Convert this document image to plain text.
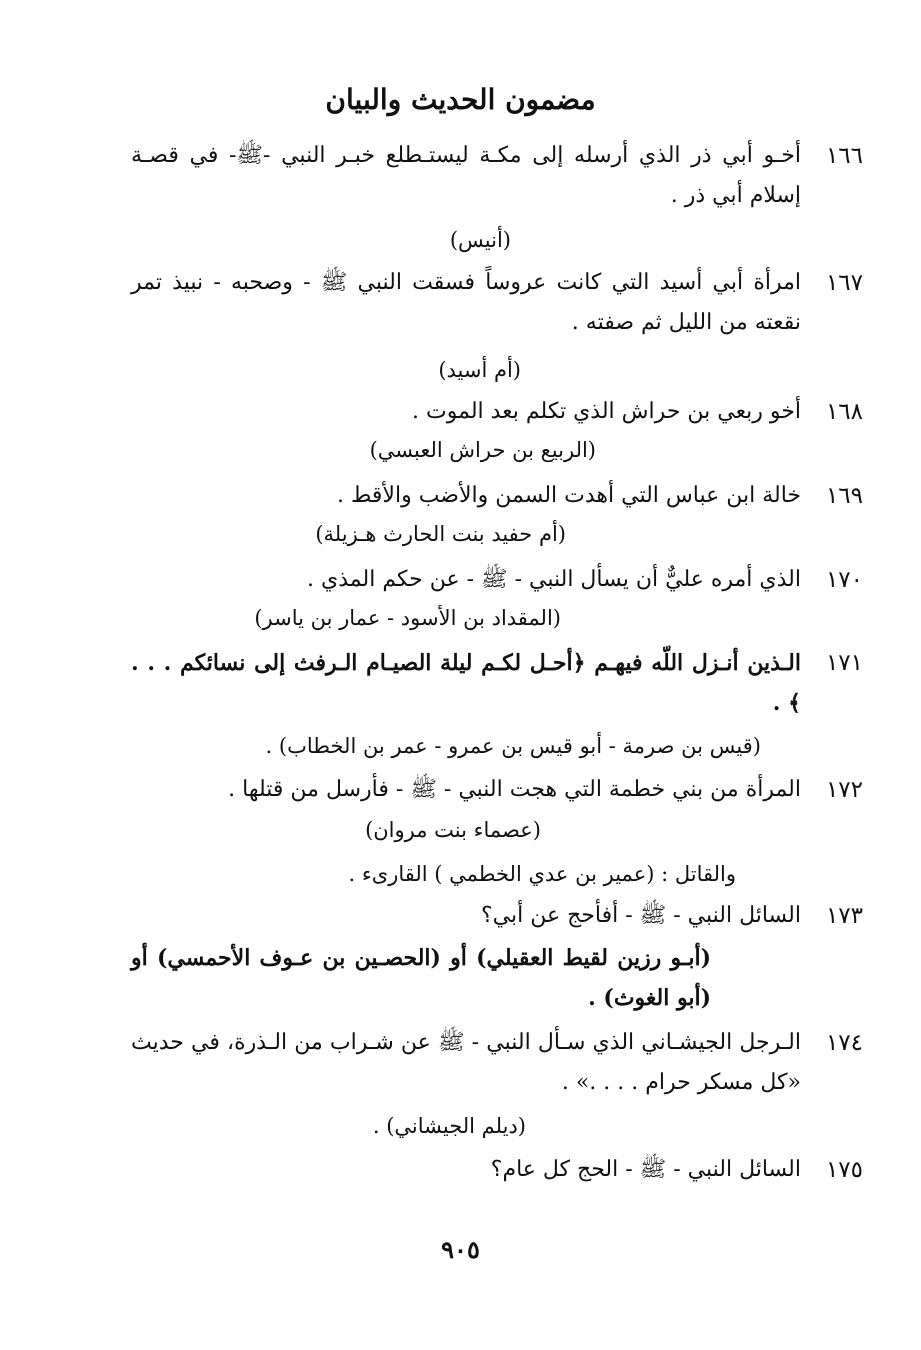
مضمون الحديث والبيان
١٦٦
أخـو أبي ذر الذي أرسله إلى مكـة ليستـطلع خبـر النبي -ﷺ- في قصـة إسلام أبي ذر .
(أنيس)
١٦٧
امرأة أبي أسيد التي كانت عروساً فسقت النبي ﷺ - وصحبه - نبيذ تمر نقعته من الليل ثم صفته .
(أم أسيد)
١٦٨
أخو ربعي بن حراش الذي تكلم بعد الموت .
(الربيع بن حراش العبسي)
١٦٩
خالة ابن عباس التي أهدت السمن والأضب والأقط .
(أم حفيد بنت الحارث هـزيلة)
١٧٠
الذي أمره عليٌّ أن يسأل النبي - ﷺ - عن حكم المذي .
(المقداد بن الأسود - عمار بن ياسر)
١٧١
الـذين أنـزل اللّه فيهـم ﴿أحـل لكـم ليلة الصيـام الـرفث إلى نسائكم . . . ﴾ .
(قيس بن صرمة - أبو قيس بن عمرو - عمر بن الخطاب) .
١٧٢
المرأة من بني خطمة التي هجت النبي - ﷺ - فأرسل من قتلها .
(عصماء بنت مروان)
والقاتل : (عمير بن عدي الخطمي ) القارىء .
١٧٣
السائل النبي - ﷺ - أفأحج عن أبي؟
(أبـو رزين لقيط العقيلي) أو (الحصـين بن عـوف الأحمسي) أو (أبو الغوث) .
١٧٤
الـرجل الجيشـاني الذي سـأل النبي - ﷺ عن شـراب من الـذرة، في حديث «كل مسكر حرام . . . .» .
(ديلم الجيشاني) .
١٧٥
السائل النبي - ﷺ - الحج كل عام؟
٩٠٥
